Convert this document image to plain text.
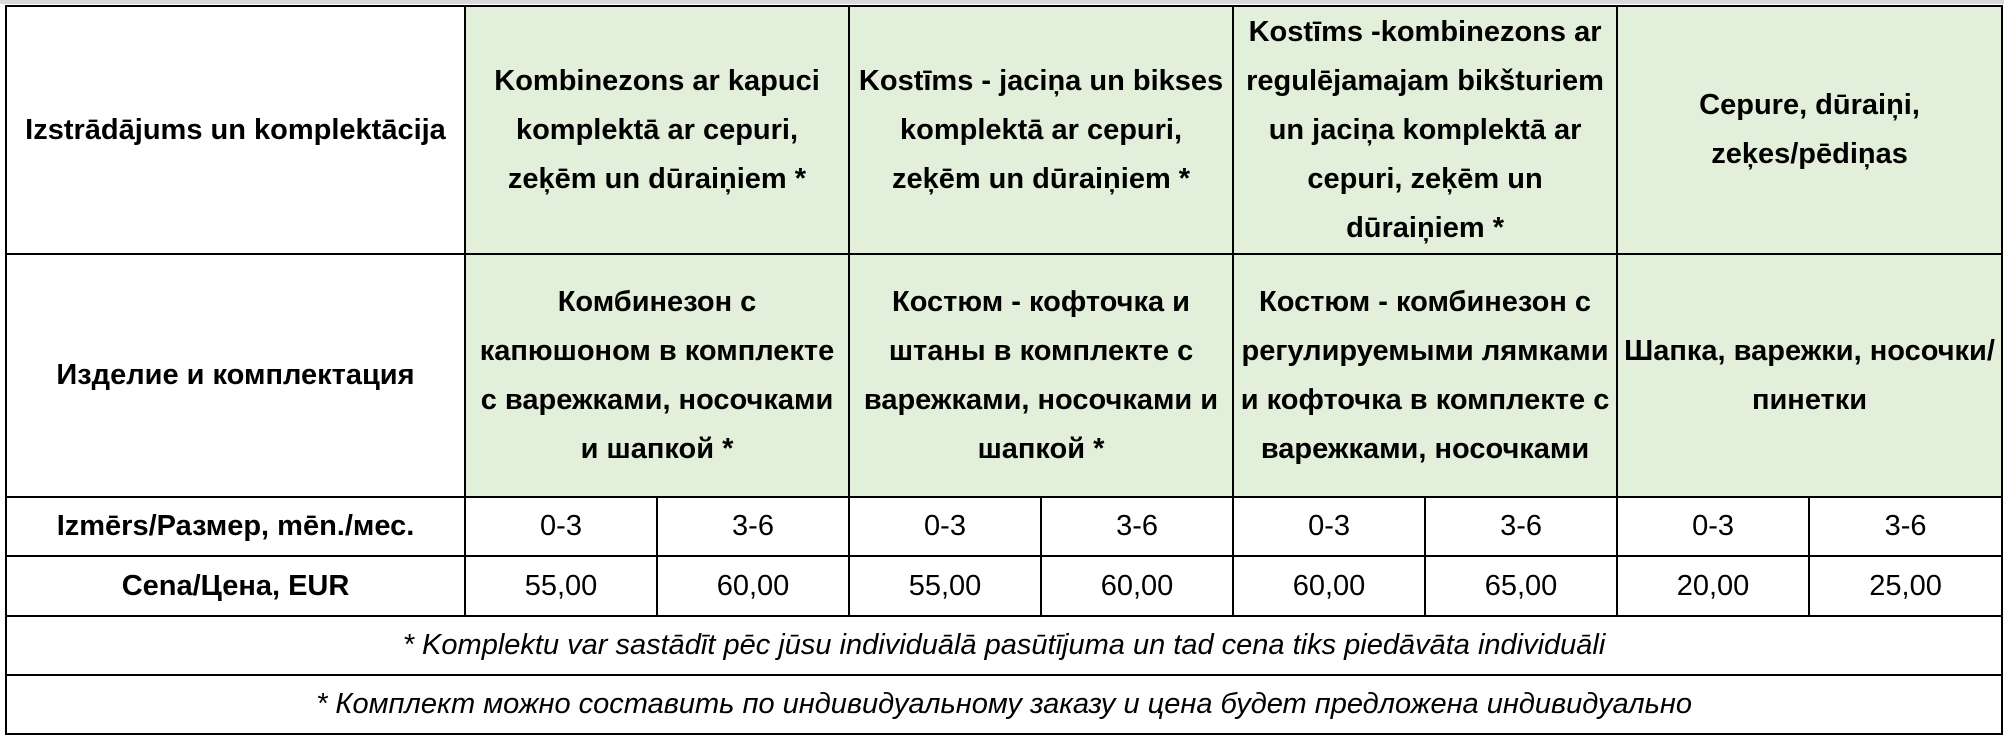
Izstrādājums un komplektācija	Kombinezons ar kapuci komplektā ar cepuri, zeķēm un dūraiņiem *		Kostīms - jaciņa un bikses komplektā ar cepuri, zeķēm un dūraiņiem *		Kostīms -kombinezons ar regulējamajam bikšturiem un jaciņa komplektā ar cepuri, zeķēm un dūraiņiem *		Cepure, dūraiņi, zeķes/pēdiņas	
Изделие и комплектация	Комбинезон с капюшоном в комплекте с варежками, носочками и шапкой *		Костюм - кофточка и штаны в комплекте с варежками, носочками и шапкой *		Костюм - комбинезон с регулируемыми лямками и кофточка в комплекте с варежками, носочками		Шапка, варежки, носочки/пинетки	
Izmērs/Размер, mēn./мес.	0-3	3-6	0-3	3-6	0-3	3-6	0-3	3-6
Cena/Цена, EUR	55,00	60,00	55,00	60,00	60,00	65,00	20,00	25,00
* Komplektu var sastādīt pēc jūsu individuālā pasūtījuma un tad cena tiks piedāvāta individuāli								
* Комплект можно составить по индивидуальному заказу и цена будет предложена индивидуально								
